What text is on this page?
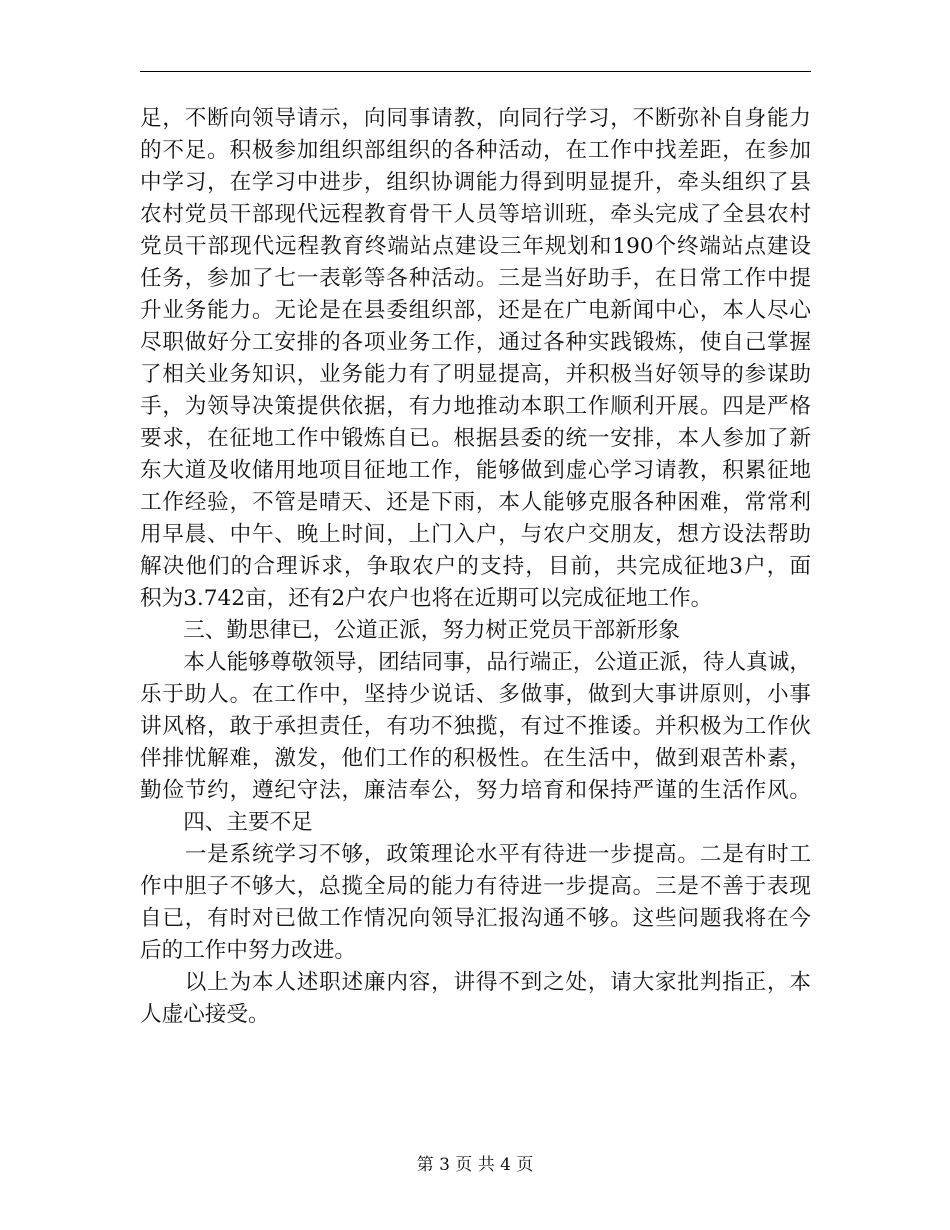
足，不断向领导请示，向同事请教，向同行学习，不断弥补自身能力
的不足。积极参加组织部组织的各种活动，在工作中找差距，在参加
中学习，在学习中进步，组织协调能力得到明显提升，牵头组织了县
农村党员干部现代远程教育骨干人员等培训班，牵头完成了全县农村
党员干部现代远程教育终端站点建设三年规划和190个终端站点建设
任务，参加了七一表彰等各种活动。三是当好助手，在日常工作中提
升业务能力。无论是在县委组织部，还是在广电新闻中心，本人尽心
尽职做好分工安排的各项业务工作，通过各种实践锻炼，使自己掌握
了相关业务知识，业务能力有了明显提高，并积极当好领导的参谋助
手，为领导决策提供依据，有力地推动本职工作顺利开展。四是严格
要求，在征地工作中锻炼自已。根据县委的统一安排，本人参加了新
东大道及收储用地项目征地工作，能够做到虚心学习请教，积累征地
工作经验，不管是晴天、还是下雨，本人能够克服各种困难，常常利
用早晨、中午、晚上时间，上门入户，与农户交朋友，想方设法帮助
解决他们的合理诉求，争取农户的支持，目前，共完成征地3户，面
积为3.742亩，还有2户农户也将在近期可以完成征地工作。
　　三、勤思律已，公道正派，努力树正党员干部新形象
　　本人能够尊敬领导，团结同事，品行端正，公道正派，待人真诚，
乐于助人。在工作中，坚持少说话、多做事，做到大事讲原则，小事
讲风格，敢于承担责任，有功不独揽，有过不推诿。并积极为工作伙
伴排忧解难，激发，他们工作的积极性。在生活中，做到艰苦朴素，
勤俭节约，遵纪守法，廉洁奉公，努力培育和保持严谨的生活作风。
　　四、主要不足
　　一是系统学习不够，政策理论水平有待进一步提高。二是有时工
作中胆子不够大，总揽全局的能力有待进一步提高。三是不善于表现
自已，有时对已做工作情况向领导汇报沟通不够。这些问题我将在今
后的工作中努力改进。
　　以上为本人述职述廉内容，讲得不到之处，请大家批判指正，本
人虚心接受。
第 3 页 共 4 页
